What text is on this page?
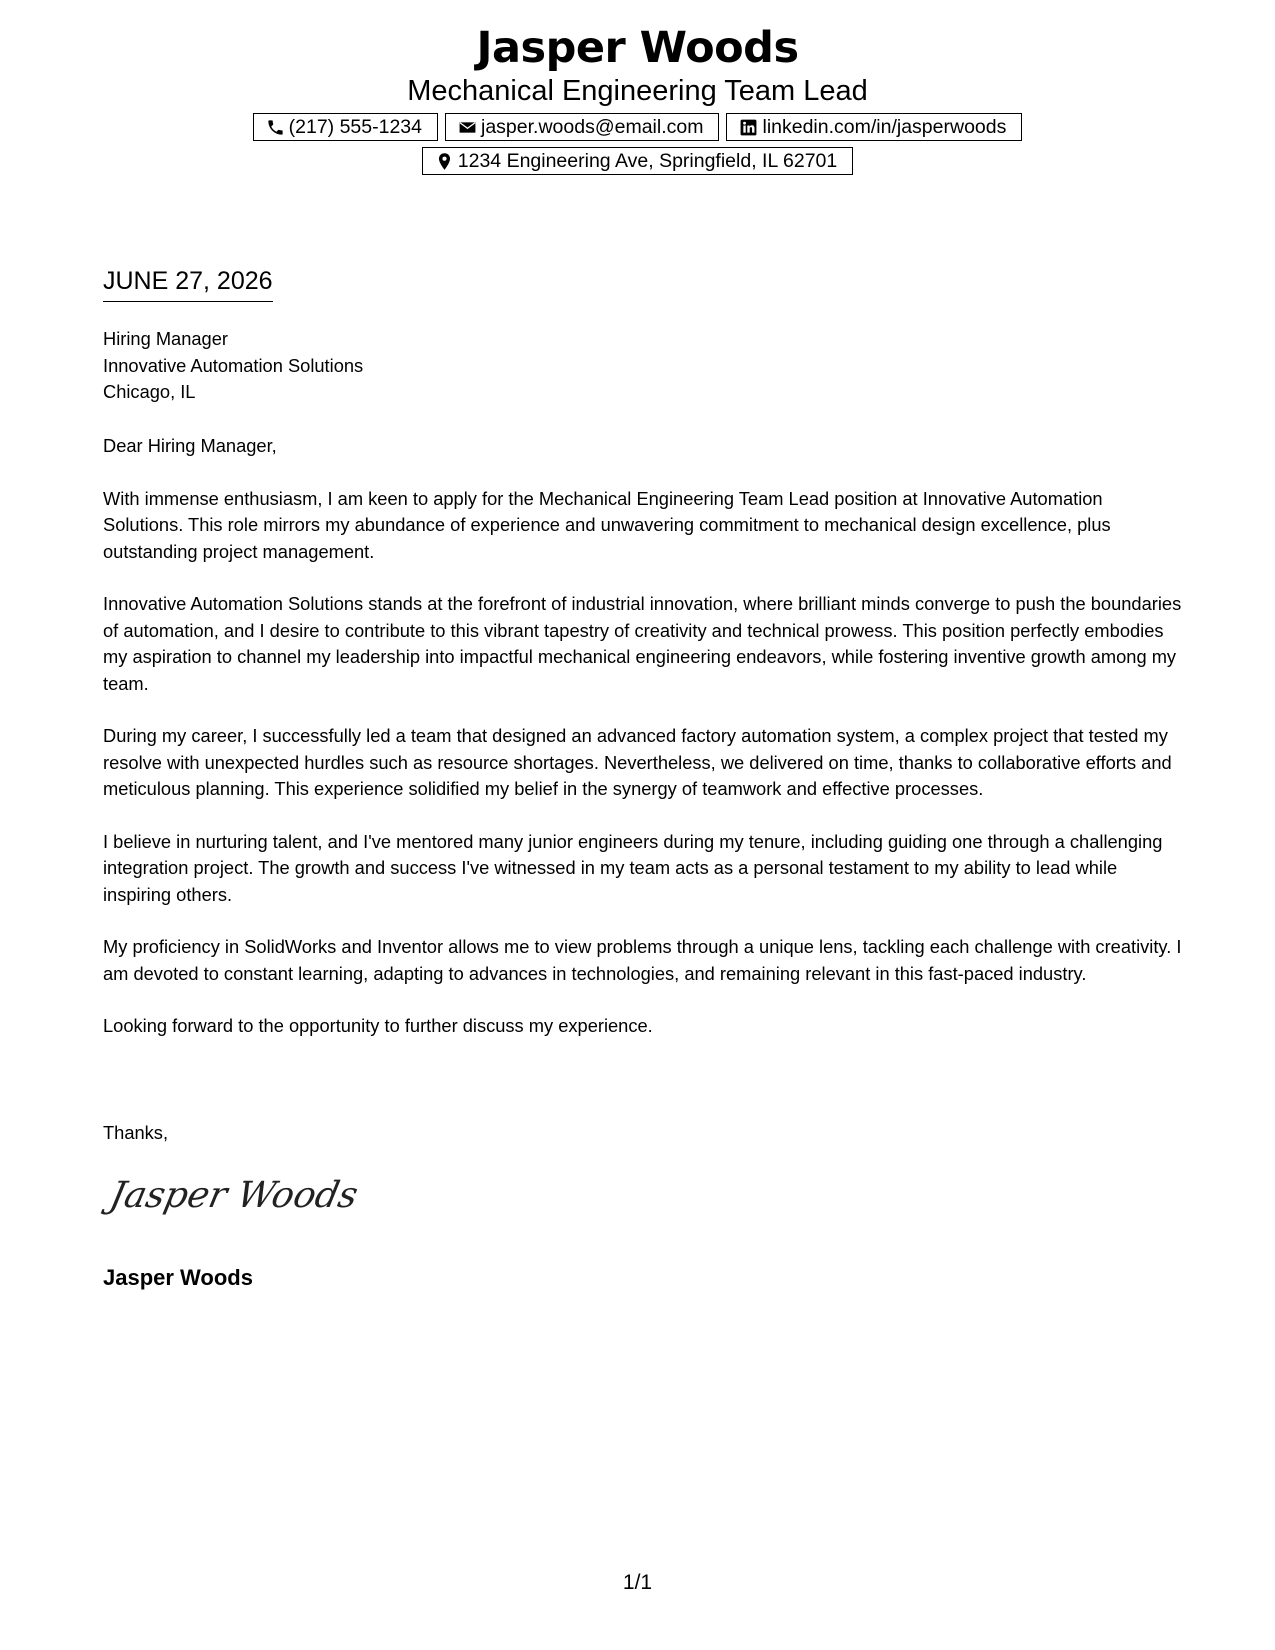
Jasper Woods
Mechanical Engineering Team Lead
(217) 555-1234	jasper.woods@email.com	linkedin.com/in/jasperwoods
1234 Engineering Ave, Springfield, IL 62701
JUNE 27, 2026
Hiring Manager
Innovative Automation Solutions
Chicago, IL

Dear Hiring Manager,

With immense enthusiasm, I am keen to apply for the Mechanical Engineering Team Lead position at Innovative Automation Solutions. This role mirrors my abundance of experience and unwavering commitment to mechanical design excellence, plus outstanding project management.

Innovative Automation Solutions stands at the forefront of industrial innovation, where brilliant minds converge to push the boundaries of automation, and I desire to contribute to this vibrant tapestry of creativity and technical prowess. This position perfectly embodies my aspiration to channel my leadership into impactful mechanical engineering endeavors, while fostering inventive growth among my team.

During my career, I successfully led a team that designed an advanced factory automation system, a complex project that tested my resolve with unexpected hurdles such as resource shortages. Nevertheless, we delivered on time, thanks to collaborative efforts and meticulous planning. This experience solidified my belief in the synergy of teamwork and effective processes.

I believe in nurturing talent, and I've mentored many junior engineers during my tenure, including guiding one through a challenging integration project. The growth and success I've witnessed in my team acts as a personal testament to my ability to lead while inspiring others.

My proficiency in SolidWorks and Inventor allows me to view problems through a unique lens, tackling each challenge with creativity. I am devoted to constant learning, adapting to advances in technologies, and remaining relevant in this fast-paced industry.

Looking forward to the opportunity to further discuss my experience.

Thanks,
Jasper Woods
Jasper Woods
1/1
